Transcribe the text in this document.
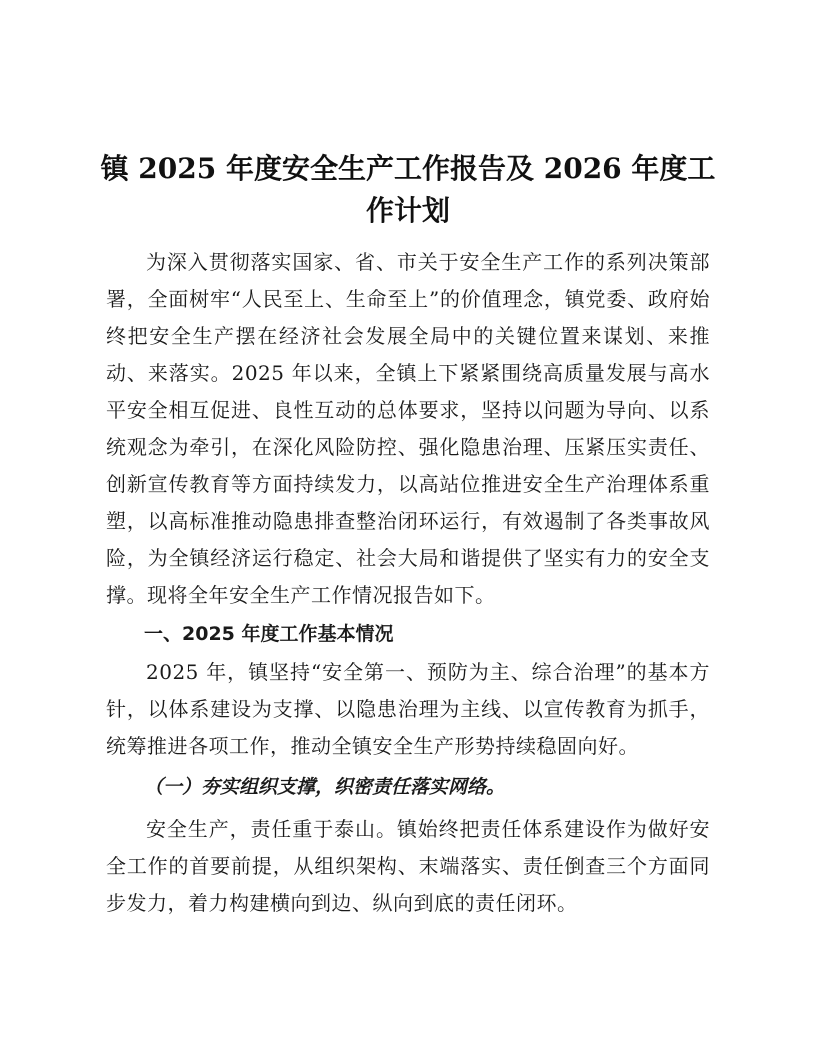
镇 2025 年度安全生产工作报告及 2026 年度工作计划

为深入贯彻落实国家、省、市关于安全生产工作的系列决策部署，全面树牢“人民至上、生命至上”的价值理念，镇党委、政府始终把安全生产摆在经济社会发展全局中的关键位置来谋划、来推动、来落实。2025 年以来，全镇上下紧紧围绕高质量发展与高水平安全相互促进、良性互动的总体要求，坚持以问题为导向、以系统观念为牵引，在深化风险防控、强化隐患治理、压紧压实责任、创新宣传教育等方面持续发力，以高站位推进安全生产治理体系重塑，以高标准推动隐患排查整治闭环运行，有效遏制了各类事故风险，为全镇经济运行稳定、社会大局和谐提供了坚实有力的安全支撑。现将全年安全生产工作情况报告如下。

一、2025 年度工作基本情况

2025 年，镇坚持“安全第一、预防为主、综合治理”的基本方针，以体系建设为支撑、以隐患治理为主线、以宣传教育为抓手，统筹推进各项工作，推动全镇安全生产形势持续稳固向好。

（一）夯实组织支撑，织密责任落实网络。

安全生产，责任重于泰山。镇始终把责任体系建设作为做好安全工作的首要前提，从组织架构、末端落实、责任倒查三个方面同步发力，着力构建横向到边、纵向到底的责任闭环。
